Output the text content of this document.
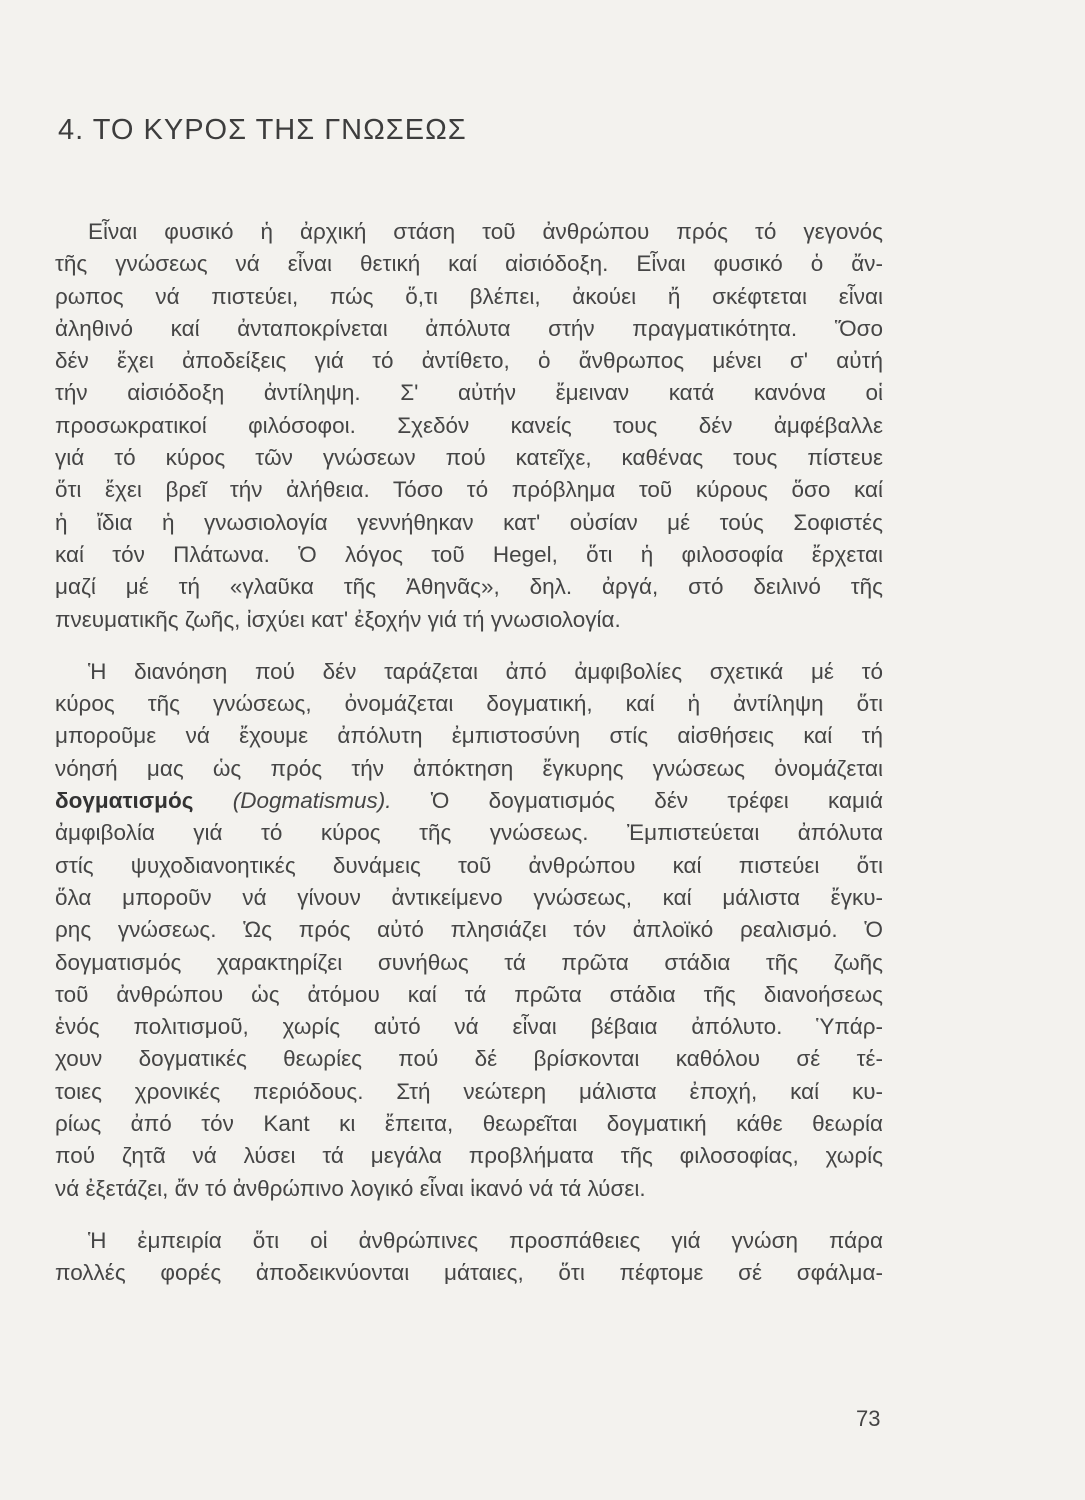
4. ΤΟ ΚΥΡΟΣ ΤΗΣ ΓΝΩΣΕΩΣ
Εἶναι φυσικό ἡ ἀρχική στάση τοῦ ἀνθρώπου πρός τό γεγονός
τῆς γνώσεως νά εἶναι θετική καί αἰσιόδοξη. Εἶναι φυσικό ὁ ἄν-
ρωπος νά πιστεύει, πώς ὅ,τι βλέπει, ἀκούει ἤ σκέφτεται εἶναι
ἀληθινό καί ἀνταποκρίνεται ἀπόλυτα στήν πραγματικότητα. Ὅσο
δέν ἔχει ἀποδείξεις γιά τό ἀντίθετο, ὁ ἄνθρωπος μένει σ' αὐτή
τήν αἰσιόδοξη ἀντίληψη. Σ' αὐτήν ἔμειναν κατά κανόνα οἱ
προσωκρατικοί φιλόσοφοι. Σχεδόν κανείς τους δέν ἀμφέβαλλε
γιά τό κύρος τῶν γνώσεων πού κατεῖχε, καθένας τους πίστευε
ὅτι ἔχει βρεῖ τήν ἀλήθεια. Τόσο τό πρόβλημα τοῦ κύρους ὅσο καί
ἡ ἴδια ἡ γνωσιολογία γεννήθηκαν κατ' οὐσίαν μέ τούς Σοφιστές
καί τόν Πλάτωνα. Ὁ λόγος τοῦ Hegel, ὅτι ἡ φιλοσοφία ἔρχεται
μαζί μέ τή «γλαῦκα τῆς Ἀθηνᾶς», δηλ. ἀργά, στό δειλινό τῆς
πνευματικῆς ζωῆς, ἰσχύει κατ' ἐξοχήν γιά τή γνωσιολογία.
Ἡ διανόηση πού δέν ταράζεται ἀπό ἀμφιβολίες σχετικά μέ τό
κύρος τῆς γνώσεως, ὀνομάζεται δογματική, καί ἡ ἀντίληψη ὅτι
μποροῦμε νά ἔχουμε ἀπόλυτη ἐμπιστοσύνη στίς αἰσθήσεις καί τή
νόησή μας ὡς πρός τήν ἀπόκτηση ἔγκυρης γνώσεως ὀνομάζεται
δογματισμός (Dogmatismus). Ὁ δογματισμός δέν τρέφει καμιά
ἀμφιβολία γιά τό κύρος τῆς γνώσεως. Ἐμπιστεύεται ἀπόλυτα
στίς ψυχοδιανοητικές δυνάμεις τοῦ ἀνθρώπου καί πιστεύει ὅτι
ὅλα μποροῦν νά γίνουν ἀντικείμενο γνώσεως, καί μάλιστα ἔγκυ-
ρης γνώσεως. Ὡς πρός αὐτό πλησιάζει τόν ἀπλοϊκό ρεαλισμό. Ὁ
δογματισμός χαρακτηρίζει συνήθως τά πρῶτα στάδια τῆς ζωῆς
τοῦ ἀνθρώπου ὡς ἀτόμου καί τά πρῶτα στάδια τῆς διανοήσεως
ἑνός πολιτισμοῦ, χωρίς αὐτό νά εἶναι βέβαια ἀπόλυτο. Ὑπάρ-
χουν δογματικές θεωρίες πού δέ βρίσκονται καθόλου σέ τέ-
τοιες χρονικές περιόδους. Στή νεώτερη μάλιστα ἐποχή, καί κυ-
ρίως ἀπό τόν Kant κι ἔπειτα, θεωρεῖται δογματική κάθε θεωρία
πού ζητᾶ νά λύσει τά μεγάλα προβλήματα τῆς φιλοσοφίας, χωρίς
νά ἐξετάζει, ἄν τό ἀνθρώπινο λογικό εἶναι ἱκανό νά τά λύσει.
Ἡ ἐμπειρία ὅτι οἱ ἀνθρώπινες προσπάθειες γιά γνώση πάρα
πολλές φορές ἀποδεικνύονται μάταιες, ὅτι πέφτομε σέ σφάλμα-
73
